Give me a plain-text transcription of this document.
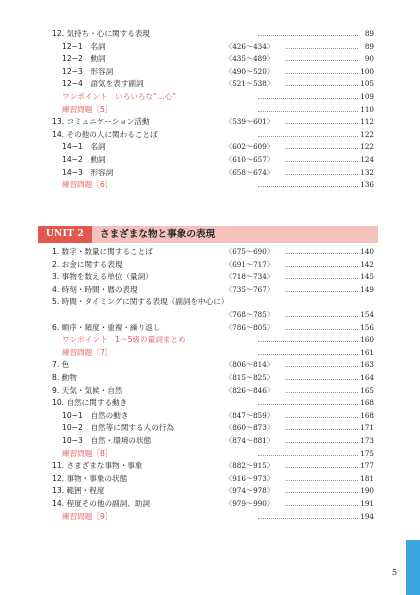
12. 気持ち・心に関する表現	89
12−1　名詞	〈426～434〉	89
12−2　動詞	〈435～489〉	90
12−3　形容詞	〈490～520〉	100
12−4　語気を表す副詞	〈521～538〉	105
ワンポイント　いろいろな“…心”	109
練習問題［5］	110
13. コミュニケーション活動	〈539～601〉	112
14. その他の人に関わることば	122
14−1　名詞	〈602～609〉	122
14−2　動詞	〈610～657〉	124
14−3　形容詞	〈658～674〉	132
練習問題［6］	136
UNIT 2	さまざまな物と事象の表現
1. 数字・数量に関することば	〈675～690〉	140
2. お金に関する表現	〈691～717〉	142
3. 事物を数える単位（量詞）	〈718～734〉	145
4. 時刻・時間・暦の表現	〈735～767〉	149
5. 時間・タイミングに関する表現（副詞を中心に）
〈768～785〉	154
6. 順序・頻度・重複・繰り返し	〈786～805〉	156
ワンポイント　1～5級の量詞まとめ	160
練習問題［7］	161
7. 色	〈806～814〉	163
8. 動物	〈815～825〉	164
9. 天気・気候・自然	〈826～846〉	165
10. 自然に関する動き	168
10−1　自然の動き	〈847～859〉	168
10−2　自然等に関する人の行為	〈860～873〉	171
10−3　自然・環境の状態	〈874～881〉	173
練習問題［8］	175
11. さまざまな事物・事象	〈882～915〉	177
12. 事物・事象の状態	〈916～973〉	181
13. 範囲・程度	〈974～978〉	190
14. 程度その他の副詞、助詞	〈979～990〉	191
練習問題［9］	194
5
